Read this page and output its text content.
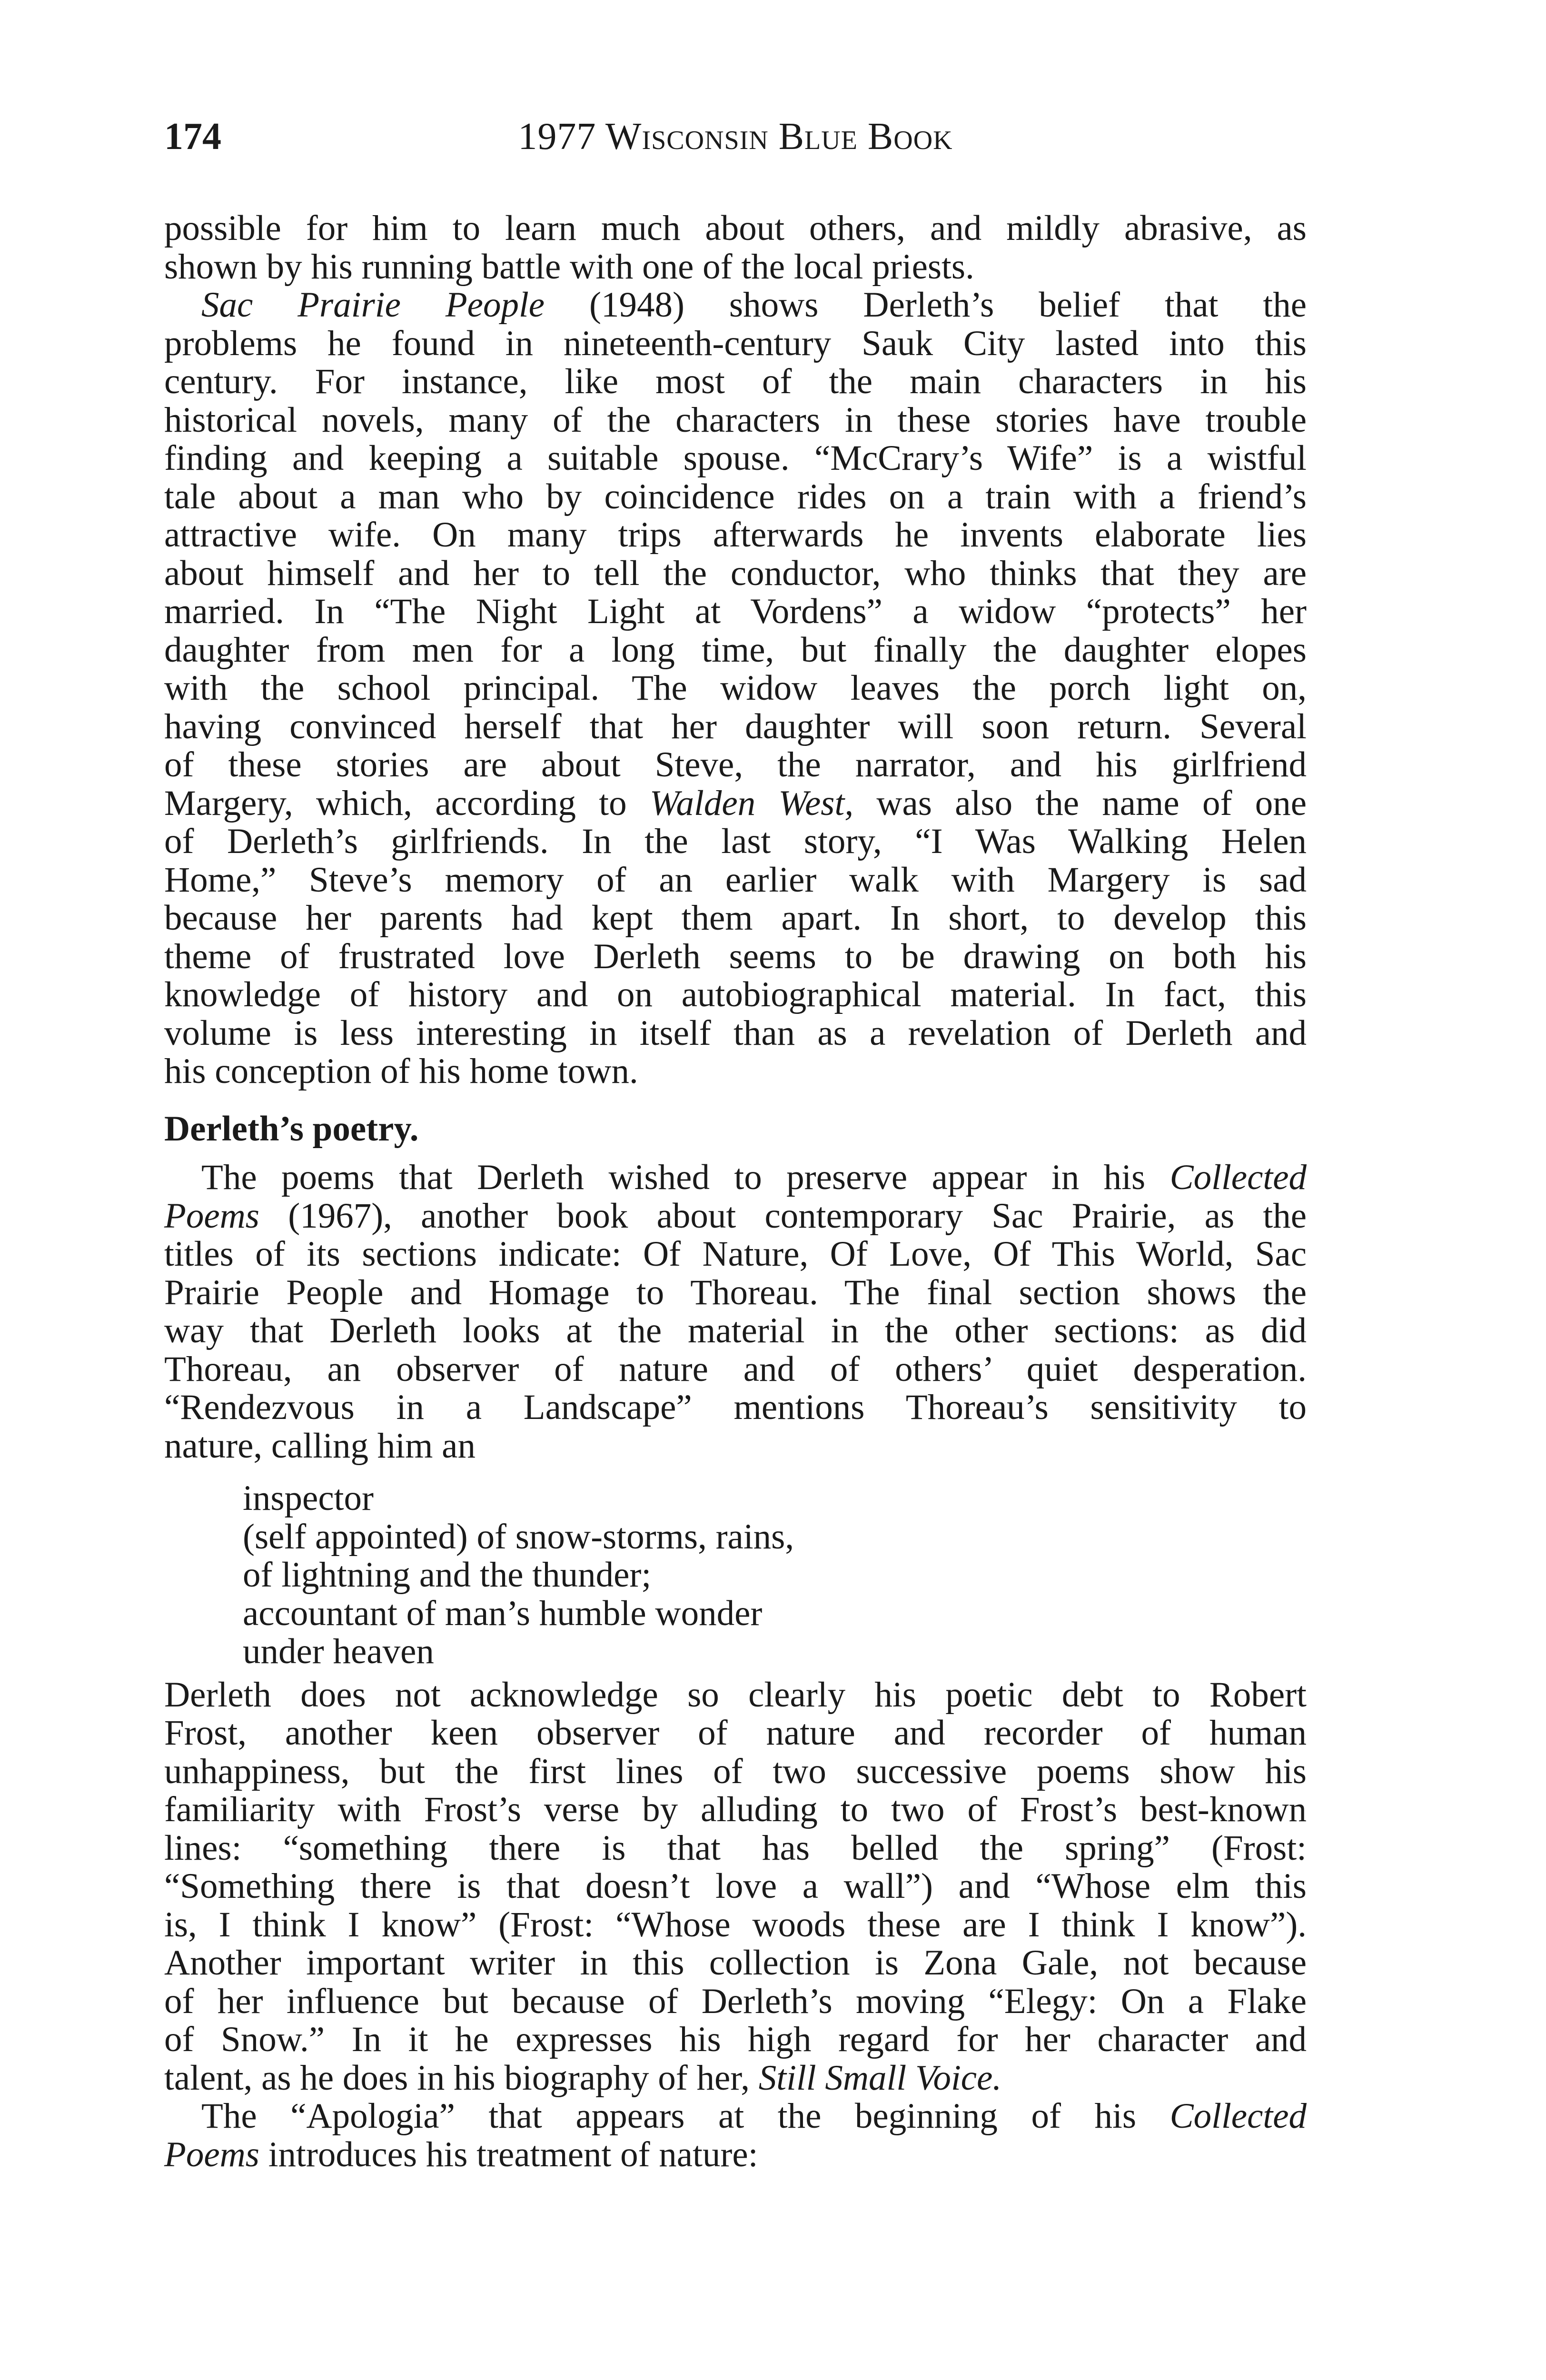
174	1977 Wisconsin Blue Book
possible for him to learn much about others, and mildly abrasive, as
shown by his running battle with one of the local priests.
Sac Prairie People (1948) shows Derleth’s belief that the
problems he found in nineteenth-century Sauk City lasted into this
century. For instance, like most of the main characters in his
historical novels, many of the characters in these stories have trouble
finding and keeping a suitable spouse. “McCrary’s Wife” is a wistful
tale about a man who by coincidence rides on a train with a friend’s
attractive wife. On many trips afterwards he invents elaborate lies
about himself and her to tell the conductor, who thinks that they are
married. In “The Night Light at Vordens” a widow “protects” her
daughter from men for a long time, but finally the daughter elopes
with the school principal. The widow leaves the porch light on,
having convinced herself that her daughter will soon return. Several
of these stories are about Steve, the narrator, and his girlfriend
Margery, which, according to Walden West, was also the name of one
of Derleth’s girlfriends. In the last story, “I Was Walking Helen
Home,” Steve’s memory of an earlier walk with Margery is sad
because her parents had kept them apart. In short, to develop this
theme of frustrated love Derleth seems to be drawing on both his
knowledge of history and on autobiographical material. In fact, this
volume is less interesting in itself than as a revelation of Derleth and
his conception of his home town.
Derleth’s poetry.
The poems that Derleth wished to preserve appear in his Collected
Poems (1967), another book about contemporary Sac Prairie, as the
titles of its sections indicate: Of Nature, Of Love, Of This World, Sac
Prairie People and Homage to Thoreau. The final section shows the
way that Derleth looks at the material in the other sections: as did
Thoreau, an observer of nature and of others’ quiet desperation.
“Rendezvous in a Landscape” mentions Thoreau’s sensitivity to
nature, calling him an
inspector
(self appointed) of snow-storms, rains,
of lightning and the thunder;
accountant of man’s humble wonder
under heaven
Derleth does not acknowledge so clearly his poetic debt to Robert
Frost, another keen observer of nature and recorder of human
unhappiness, but the first lines of two successive poems show his
familiarity with Frost’s verse by alluding to two of Frost’s best-known
lines: “something there is that has belled the spring” (Frost:
“Something there is that doesn’t love a wall”) and “Whose elm this
is, I think I know” (Frost: “Whose woods these are I think I know”).
Another important writer in this collection is Zona Gale, not because
of her influence but because of Derleth’s moving “Elegy: On a Flake
of Snow.” In it he expresses his high regard for her character and
talent, as he does in his biography of her, Still Small Voice.
The “Apologia” that appears at the beginning of his Collected
Poems introduces his treatment of nature:
